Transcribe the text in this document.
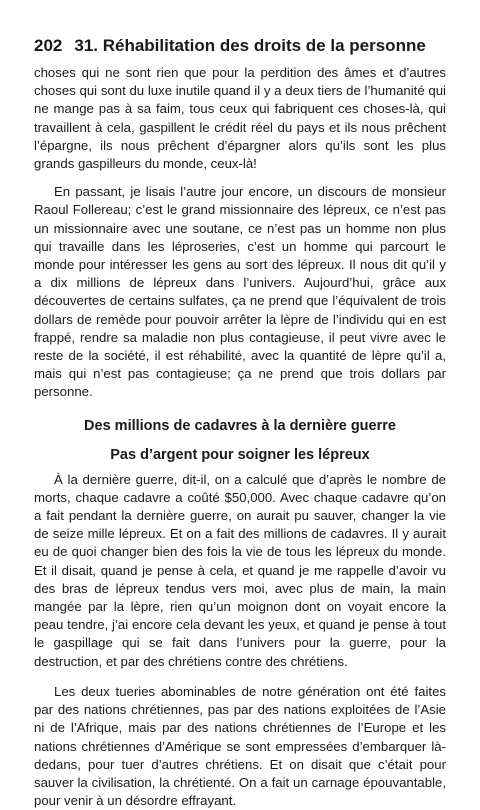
202 31. Réhabilitation des droits de la personne

choses qui ne sont rien que pour la perdition des âmes et d’autres choses qui sont du luxe inutile quand il y a deux tiers de l’humanité qui ne mange pas à sa faim, tous ceux qui fabriquent ces choses-là, qui travaillent à cela, gaspillent le crédit réel du pays et ils nous prêchent l’épargne, ils nous prêchent d’épargner alors qu’ils sont les plus grands gaspilleurs du monde, ceux-là!

En passant, je lisais l’autre jour encore, un discours de monsieur Raoul Follereau; c’est le grand missionnaire des lépreux, ce n’est pas un missionnaire avec une soutane, ce n’est pas un homme non plus qui travaille dans les léproseries, c’est un homme qui parcourt le monde pour intéresser les gens au sort des lépreux. Il nous dit qu’il y a dix millions de lépreux dans l’univers. Aujourd’hui, grâce aux découvertes de certains sulfates, ça ne prend que l’équivalent de trois dollars de remède pour pouvoir arrêter la lèpre de l’individu qui en est frappé, rendre sa maladie non plus contagieuse, il peut vivre avec le reste de la société, il est réhabilité, avec la quantité de lèpre qu’il a, mais qui n’est pas contagieuse; ça ne prend que trois dollars par personne.

Des millions de cadavres à la dernière guerre
Pas d’argent pour soigner les lépreux

À la dernière guerre, dit-il, on a calculé que d’après le nombre de morts, chaque cadavre a coûté $50,000. Avec chaque cadavre qu’on a fait pendant la dernière guerre, on aurait pu sauver, changer la vie de seize mille lépreux. Et on a fait des millions de cadavres. Il y aurait eu de quoi changer bien des fois la vie de tous les lépreux du monde. Et il disait, quand je pense à cela, et quand je me rappelle d’avoir vu des bras de lépreux tendus vers moi, avec plus de main, la main mangée par la lèpre, rien qu’un moignon dont on voyait encore la peau tendre, j’ai encore cela devant les yeux, et quand je pense à tout le gaspillage qui se fait dans l’univers pour la guerre, pour la destruction, et par des chrétiens contre des chrétiens.

Les deux tueries abominables de notre génération ont été faites par des nations chrétiennes, pas par des nations exploitées de l’Asie ni de l’Afrique, mais par des nations chrétiennes de l’Europe et les nations chrétiennes d’Amérique se sont empressées d’embarquer là-dedans, pour tuer d’autres chrétiens. Et on disait que c’était pour sauver la civilisation, la chrétienté. On a fait un carnage épouvantable, pour venir à un désordre effrayant.
